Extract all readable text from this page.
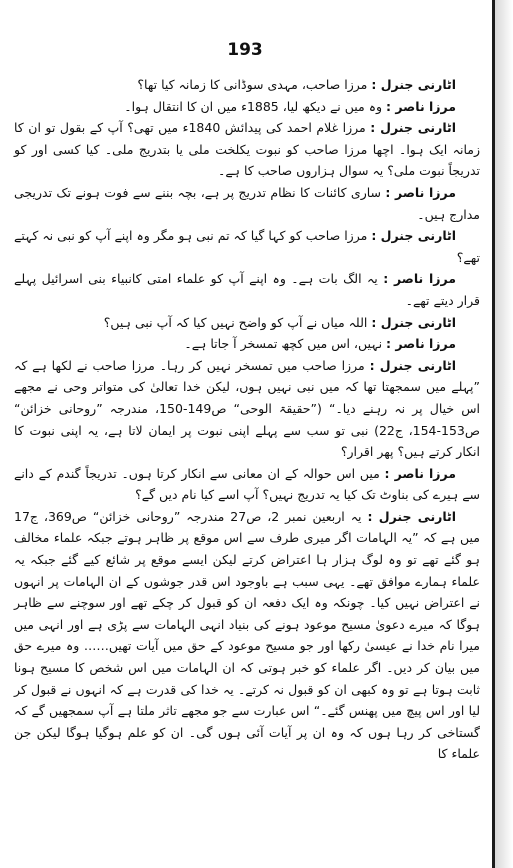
193

اٹارنی جنرل : مرزا صاحب، مہدی سوڈانی کا زمانہ کیا تھا؟

مرزا ناصر : وہ میں نے دیکھ لیا، 1885ء میں ان کا انتقال ہوا۔

اٹارنی جنرل : مرزا غلام احمد کی پیدائش 1840ء میں تھی؟ آپ کے بقول تو ان کا زمانہ ایک ہوا۔ اچھا مرزا صاحب کو نبوت یکلخت ملی یا بتدریج ملی۔ کیا کسی اور کو تدریجاً نبوت ملی؟ یہ سوال ہزاروں صاحب کا ہے۔

مرزا ناصر : ساری کائنات کا نظام تدریج پر ہے، بچہ بننے سے فوت ہونے تک تدریجی مدارج ہیں۔

اٹارنی جنرل : مرزا صاحب کو کہا گیا کہ تم نبی ہو مگر وہ اپنے آپ کو نبی نہ کہتے تھے؟

مرزا ناصر : یہ الگ بات ہے۔ وہ اپنے آپ کو علماء امتی کانبیاء بنی اسرائیل پہلے قرار دیتے تھے۔

اٹارنی جنرل : اللہ میاں نے آپ کو واضح نہیں کیا کہ آپ نبی ہیں؟

مرزا ناصر : نہیں، اس میں کچھ تمسخر آ جاتا ہے۔

اٹارنی جنرل : مرزا صاحب میں تمسخر نہیں کر رہا۔ مرزا صاحب نے لکھا ہے کہ ”پہلے میں سمجھتا تھا کہ میں نبی نہیں ہوں، لیکن خدا تعالیٰ کی متواتر وحی نے مجھے اس خیال پر نہ رہنے دیا۔“ (”حقیقۃ الوحی“ ص149-150، مندرجہ ”روحانی خزائن“ ص153-154، ج22) نبی تو سب سے پہلے اپنی نبوت پر ایمان لاتا ہے، یہ اپنی نبوت کا انکار کرتے ہیں؟ پھر اقرار؟

مرزا ناصر : میں اس حوالہ کے ان معانی سے انکار کرتا ہوں۔ تدریجاً گندم کے دانے سے ہیرے کی بناوٹ تک کیا یہ تدریج نہیں؟ آپ اسے کیا نام دیں گے؟

اٹارنی جنرل : یہ اربعین نمبر 2، ص27 مندرجہ ”روحانی خزائن“ ص369، ج17 میں ہے کہ ”یہ الہامات اگر میری طرف سے اس موقع پر ظاہر ہوتے جبکہ علماء مخالف ہو گئے تھے تو وہ لوگ ہزار ہا اعتراض کرتے لیکن ایسے موقع پر شائع کیے گئے جبکہ یہ علماء ہمارے موافق تھے۔ یہی سبب ہے باوجود اس قدر جوشوں کے ان الہامات پر انہوں نے اعتراض نہیں کیا۔ چونکہ وہ ایک دفعہ ان کو قبول کر چکے تھے اور سوچنے سے ظاہر ہوگا کہ میرے دعویٰ مسیح موعود ہونے کی بنیاد انہی الہامات سے پڑی ہے اور انہی میں میرا نام خدا نے عیسیٰ رکھا اور جو مسیح موعود کے حق میں آیات تھیں…… وہ میرے حق میں بیان کر دیں۔ اگر علماء کو خبر ہوتی کہ ان الہامات میں اس شخص کا مسیح ہونا ثابت ہوتا ہے تو وہ کبھی ان کو قبول نہ کرتے۔ یہ خدا کی قدرت ہے کہ انہوں نے قبول کر لیا اور اس پیچ میں پھنس گئے۔“ اس عبارت سے جو مجھے تاثر ملتا ہے آپ سمجھیں گے کہ گستاخی کر رہا ہوں کہ وہ ان پر آیات آئی ہوں گی۔ ان کو علم ہوگیا ہوگا لیکن جن علماء کا
